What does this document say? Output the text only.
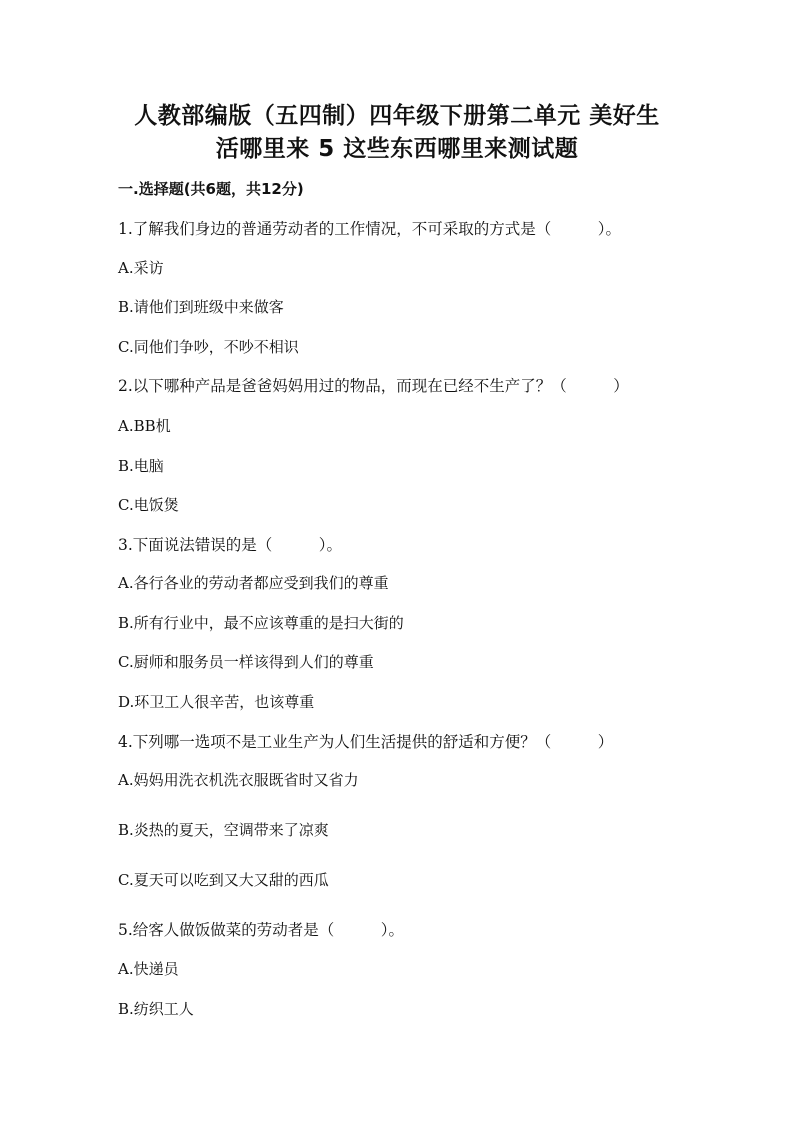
人教部编版（五四制）四年级下册第二单元 美好生
活哪里来 5 这些东西哪里来测试题
一.选择题(共6题，共12分)
1.了解我们身边的普通劳动者的工作情况，不可采取的方式是（　　　）。
A.采访
B.请他们到班级中来做客
C.同他们争吵，不吵不相识
2.以下哪种产品是爸爸妈妈用过的物品，而现在已经不生产了？（　　　）
A.BB机
B.电脑
C.电饭煲
3.下面说法错误的是（　　　）。
A.各行各业的劳动者都应受到我们的尊重
B.所有行业中，最不应该尊重的是扫大街的
C.厨师和服务员一样该得到人们的尊重
D.环卫工人很辛苦，也该尊重
4.下列哪一选项不是工业生产为人们生活提供的舒适和方便？（　　　）
A.妈妈用洗衣机洗衣服既省时又省力
B.炎热的夏天，空调带来了凉爽
C.夏天可以吃到又大又甜的西瓜
5.给客人做饭做菜的劳动者是（　　　）。
A.快递员
B.纺织工人
